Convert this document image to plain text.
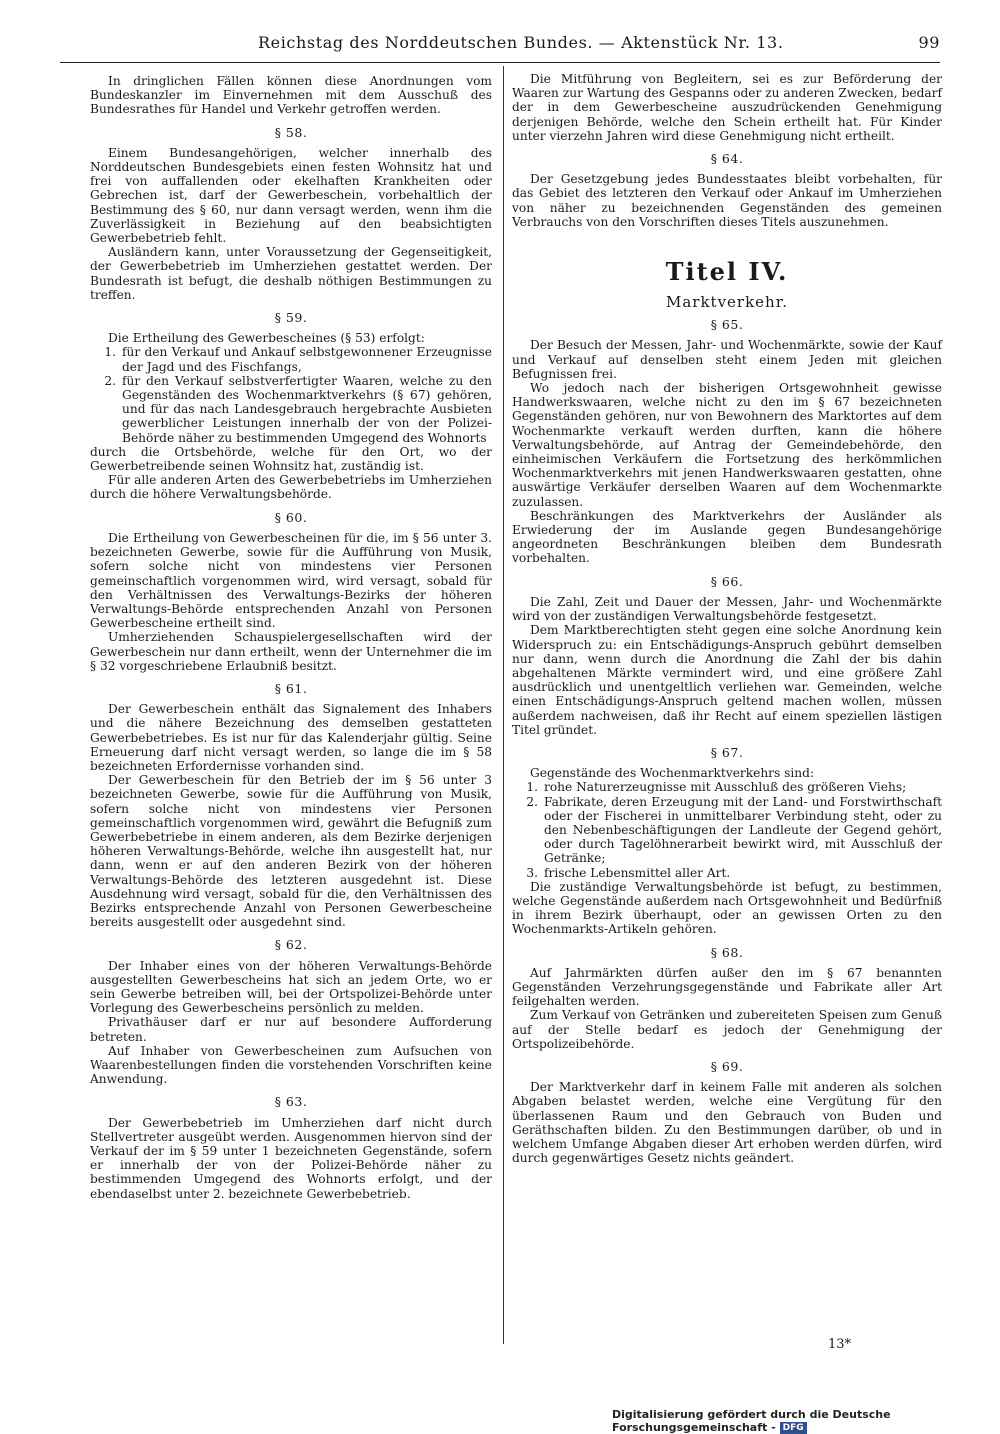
Reichstag des Norddeutschen Bundes. — Aktenstück Nr. 13.	99

In dringlichen Fällen können diese Anordnungen vom Bundeskanzler im Einvernehmen mit dem Ausschuß des Bundesrathes für Handel und Verkehr getroffen werden.

§ 58.

Einem Bundesangehörigen, welcher innerhalb des Norddeutschen Bundesgebiets einen festen Wohnsitz hat und frei von auffallenden oder ekelhaften Krankheiten oder Gebrechen ist, darf der Gewerbeschein, vorbehaltlich der Bestimmung des § 60, nur dann versagt werden, wenn ihm die Zuverlässigkeit in Beziehung auf den beabsichtigten Gewerbebetrieb fehlt.

Ausländern kann, unter Voraussetzung der Gegenseitigkeit, der Gewerbebetrieb im Umherziehen gestattet werden. Der Bundesrath ist befugt, die deshalb nöthigen Bestimmungen zu treffen.

§ 59.

Die Ertheilung des Gewerbescheines (§ 53) erfolgt:

1. für den Verkauf und Ankauf selbstgewonnener Erzeugnisse der Jagd und des Fischfangs,
2. für den Verkauf selbstverfertigter Waaren, welche zu den Gegenständen des Wochenmarktverkehrs (§ 67) gehören, und für das nach Landesgebrauch hergebrachte Ausbieten gewerblicher Leistungen innerhalb der von der Polizei-Behörde näher zu bestimmenden Umgegend des Wohnorts

durch die Ortsbehörde, welche für den Ort, wo der Gewerbetreibende seinen Wohnsitz hat, zuständig ist.

Für alle anderen Arten des Gewerbebetriebs im Umherziehen durch die höhere Verwaltungsbehörde.

§ 60.

Die Ertheilung von Gewerbescheinen für die, im § 56 unter 3. bezeichneten Gewerbe, sowie für die Aufführung von Musik, sofern solche nicht von mindestens vier Personen gemeinschaftlich vorgenommen wird, wird versagt, sobald für den Verhältnissen des Verwaltungs-Bezirks der höheren Verwaltungs-Behörde entsprechenden Anzahl von Personen Gewerbescheine ertheilt sind.

Umherziehenden Schauspielergesellschaften wird der Gewerbeschein nur dann ertheilt, wenn der Unternehmer die im § 32 vorgeschriebene Erlaubniß besitzt.

§ 61.

Der Gewerbeschein enthält das Signalement des Inhabers und die nähere Bezeichnung des demselben gestatteten Gewerbebetriebes. Es ist nur für das Kalenderjahr gültig. Seine Erneuerung darf nicht versagt werden, so lange die im § 58 bezeichneten Erfordernisse vorhanden sind.

Der Gewerbeschein für den Betrieb der im § 56 unter 3 bezeichneten Gewerbe, sowie für die Aufführung von Musik, sofern solche nicht von mindestens vier Personen gemeinschaftlich vorgenommen wird, gewährt die Befugniß zum Gewerbebetriebe in einem anderen, als dem Bezirke derjenigen höheren Verwaltungs-Behörde, welche ihn ausgestellt hat, nur dann, wenn er auf den anderen Bezirk von der höheren Verwaltungs-Behörde des letzteren ausgedehnt ist. Diese Ausdehnung wird versagt, sobald für die, den Verhältnissen des Bezirks entsprechende Anzahl von Personen Gewerbescheine bereits ausgestellt oder ausgedehnt sind.

§ 62.

Der Inhaber eines von der höheren Verwaltungs-Behörde ausgestellten Gewerbescheins hat sich an jedem Orte, wo er sein Gewerbe betreiben will, bei der Ortspolizei-Behörde unter Vorlegung des Gewerbescheins persönlich zu melden.

Privathäuser darf er nur auf besondere Aufforderung betreten.

Auf Inhaber von Gewerbescheinen zum Aufsuchen von Waarenbestellungen finden die vorstehenden Vorschriften keine Anwendung.

§ 63.

Der Gewerbebetrieb im Umherziehen darf nicht durch Stellvertreter ausgeübt werden. Ausgenommen hiervon sind der Verkauf der im § 59 unter 1 bezeichneten Gegenstände, sofern er innerhalb der von der Polizei-Behörde näher zu bestimmenden Umgegend des Wohnorts erfolgt, und der ebendaselbst unter 2. bezeichnete Gewerbebetrieb.

Die Mitführung von Begleitern, sei es zur Beförderung der Waaren zur Wartung des Gespanns oder zu anderen Zwecken, bedarf der in dem Gewerbescheine auszudrückenden Genehmigung derjenigen Behörde, welche den Schein ertheilt hat. Für Kinder unter vierzehn Jahren wird diese Genehmigung nicht ertheilt.

§ 64.

Der Gesetzgebung jedes Bundesstaates bleibt vorbehalten, für das Gebiet des letzteren den Verkauf oder Ankauf im Umherziehen von näher zu bezeichnenden Gegenständen des gemeinen Verbrauchs von den Vorschriften dieses Titels auszunehmen.

Titel IV.
Marktverkehr.
§ 65.

Der Besuch der Messen, Jahr- und Wochenmärkte, sowie der Kauf und Verkauf auf denselben steht einem Jeden mit gleichen Befugnissen frei.

Wo jedoch nach der bisherigen Ortsgewohnheit gewisse Handwerkswaaren, welche nicht zu den im § 67 bezeichneten Gegenständen gehören, nur von Bewohnern des Marktortes auf dem Wochenmarkte verkauft werden durften, kann die höhere Verwaltungsbehörde, auf Antrag der Gemeindebehörde, den einheimischen Verkäufern die Fortsetzung des herkömmlichen Wochenmarktverkehrs mit jenen Handwerkswaaren gestatten, ohne auswärtige Verkäufer derselben Waaren auf dem Wochenmarkte zuzulassen.

Beschränkungen des Marktverkehrs der Ausländer als Erwiederung der im Auslande gegen Bundesangehörige angeordneten Beschränkungen bleiben dem Bundesrath vorbehalten.

§ 66.

Die Zahl, Zeit und Dauer der Messen, Jahr- und Wochenmärkte wird von der zuständigen Verwaltungsbehörde festgesetzt.

Dem Marktberechtigten steht gegen eine solche Anordnung kein Widerspruch zu: ein Entschädigungs-Anspruch gebührt demselben nur dann, wenn durch die Anordnung die Zahl der bis dahin abgehaltenen Märkte vermindert wird, und eine größere Zahl ausdrücklich und unentgeltlich verliehen war. Gemeinden, welche einen Entschädigungs-Anspruch geltend machen wollen, müssen außerdem nachweisen, daß ihr Recht auf einem speziellen lästigen Titel gründet.

§ 67.

Gegenstände des Wochenmarktverkehrs sind:

1. rohe Naturerzeugnisse mit Ausschluß des größeren Viehs;
2. Fabrikate, deren Erzeugung mit der Land- und Forstwirthschaft oder der Fischerei in unmittelbarer Verbindung steht, oder zu den Nebenbeschäftigungen der Landleute der Gegend gehört, oder durch Tagelöhnerarbeit bewirkt wird, mit Ausschluß der Getränke;
3. frische Lebensmittel aller Art.

Die zuständige Verwaltungsbehörde ist befugt, zu bestimmen, welche Gegenstände außerdem nach Ortsgewohnheit und Bedürfniß in ihrem Bezirk überhaupt, oder an gewissen Orten zu den Wochenmarkts-Artikeln gehören.

§ 68.

Auf Jahrmärkten dürfen außer den im § 67 benannten Gegenständen Verzehrungsgegenstände und Fabrikate aller Art feilgehalten werden.

Zum Verkauf von Getränken und zubereiteten Speisen zum Genuß auf der Stelle bedarf es jedoch der Genehmigung der Ortspolizeibehörde.

§ 69.

Der Marktverkehr darf in keinem Falle mit anderen als solchen Abgaben belastet werden, welche eine Vergütung für den überlassenen Raum und den Gebrauch von Buden und Geräthschaften bilden. Zu den Bestimmungen darüber, ob und in welchem Umfange Abgaben dieser Art erhoben werden dürfen, wird durch gegenwärtiges Gesetz nichts geändert.

13*
Digitalisierung gefördert durch die Deutsche Forschungsgemeinschaft - DFG
